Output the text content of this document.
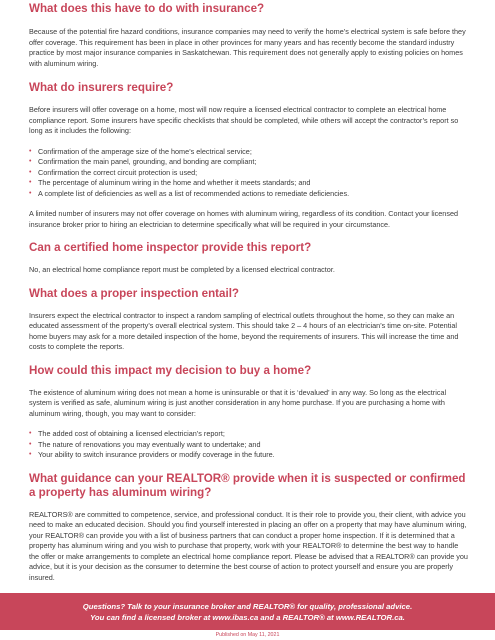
What does this have to do with insurance?

Because of the potential fire hazard conditions, insurance companies may need to verify the home’s electrical system is safe before they offer coverage. This requirement has been in place in other provinces for many years and has recently become the standard industry practice by most major insurance companies in Saskatchewan. This requirement does not generally apply to existing policies on homes with aluminum wiring.

What do insurers require?

Before insurers will offer coverage on a home, most will now require a licensed electrical contractor to complete an electrical home compliance report. Some insurers have specific checklists that should be completed, while others will accept the contractor’s report so long as it includes the following:

• Confirmation of the amperage size of the home’s electrical service;
• Confirmation the main panel, grounding, and bonding are compliant;
• Confirmation the correct circuit protection is used;
• The percentage of aluminum wiring in the home and whether it meets standards; and
• A complete list of deficiencies as well as a list of recommended actions to remediate deficiencies.

A limited number of insurers may not offer coverage on homes with aluminum wiring, regardless of its condition. Contact your licensed insurance broker prior to hiring an electrician to determine specifically what will be required in your circumstance.

Can a certified home inspector provide this report?

No, an electrical home compliance report must be completed by a licensed electrical contractor.

What does a proper inspection entail?

Insurers expect the electrical contractor to inspect a random sampling of electrical outlets throughout the home, so they can make an educated assessment of the property’s overall electrical system. This should take 2 – 4 hours of an electrician’s time on-site. Potential home buyers may ask for a more detailed inspection of the home, beyond the requirements of insurers. This will increase the time and costs to complete the reports.

How could this impact my decision to buy a home?

The existence of aluminum wiring does not mean a home is uninsurable or that it is ‘devalued’ in any way. So long as the electrical system is verified as safe, aluminum wiring is just another consideration in any home purchase. If you are purchasing a home with aluminum wiring, though, you may want to consider:

• The added cost of obtaining a licensed electrician’s report;
• The nature of renovations you may eventually want to undertake; and
• Your ability to switch insurance providers or modify coverage in the future.
What guidance can your REALTOR® provide when it is suspected or confirmed a property has aluminum wiring?

REALTORS® are committed to competence, service, and professional conduct. It is their role to provide you, their client, with advice you need to make an educated decision. Should you find yourself interested in placing an offer on a property that may have aluminum wiring, your REALTOR® can provide you with a list of business partners that can conduct a proper home inspection. If it is determined that a property has aluminum wiring and you wish to purchase that property, work with your REALTOR® to determine the best way to handle the offer or make arrangements to complete an electrical home compliance report. Please be advised that a REALTOR® can provide you advice, but it is your decision as the consumer to determine the best course of action to protect yourself and ensure you are properly insured.

Questions? Talk to your insurance broker and REALTOR® for quality, professional advice.
You can find a licensed broker at www.ibas.ca and a REALTOR® at www.REALTOR.ca.
Published on May 11, 2021
